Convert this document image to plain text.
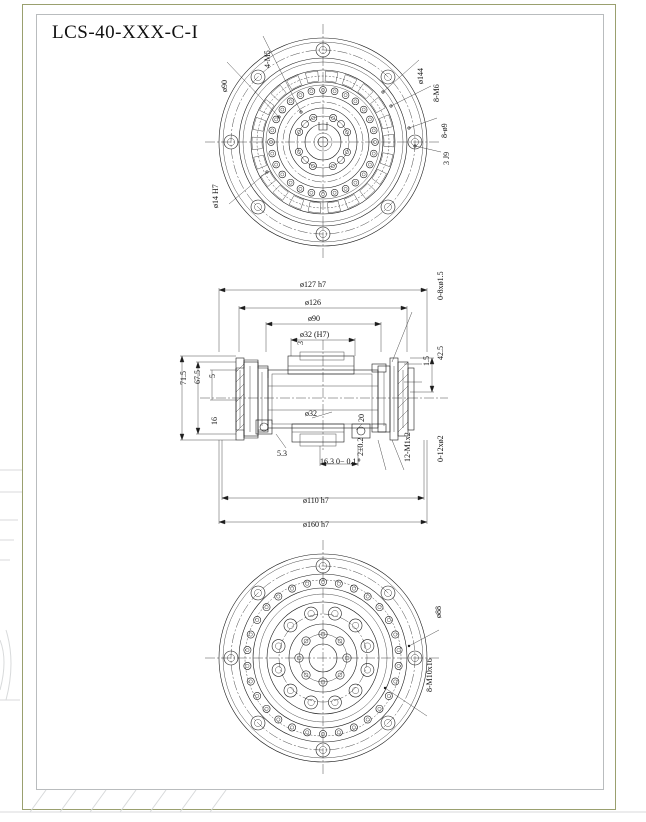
LCS-40-XXX-C-I
4-M5
ø90
ø144
8-M6
8-ø9
3 J9
ø14 H7
ø127 h7
ø126
ø90
ø32 (H7)
0-8xø1.5
42.5
1.5
3
71.5 67.5 5
16
ø32
5.3
20
16.3 0− 0.1 * 2±0.2	12-M1x2	0-12xø2
ø110 h7
ø160 h7
ø88
8-M10x16
